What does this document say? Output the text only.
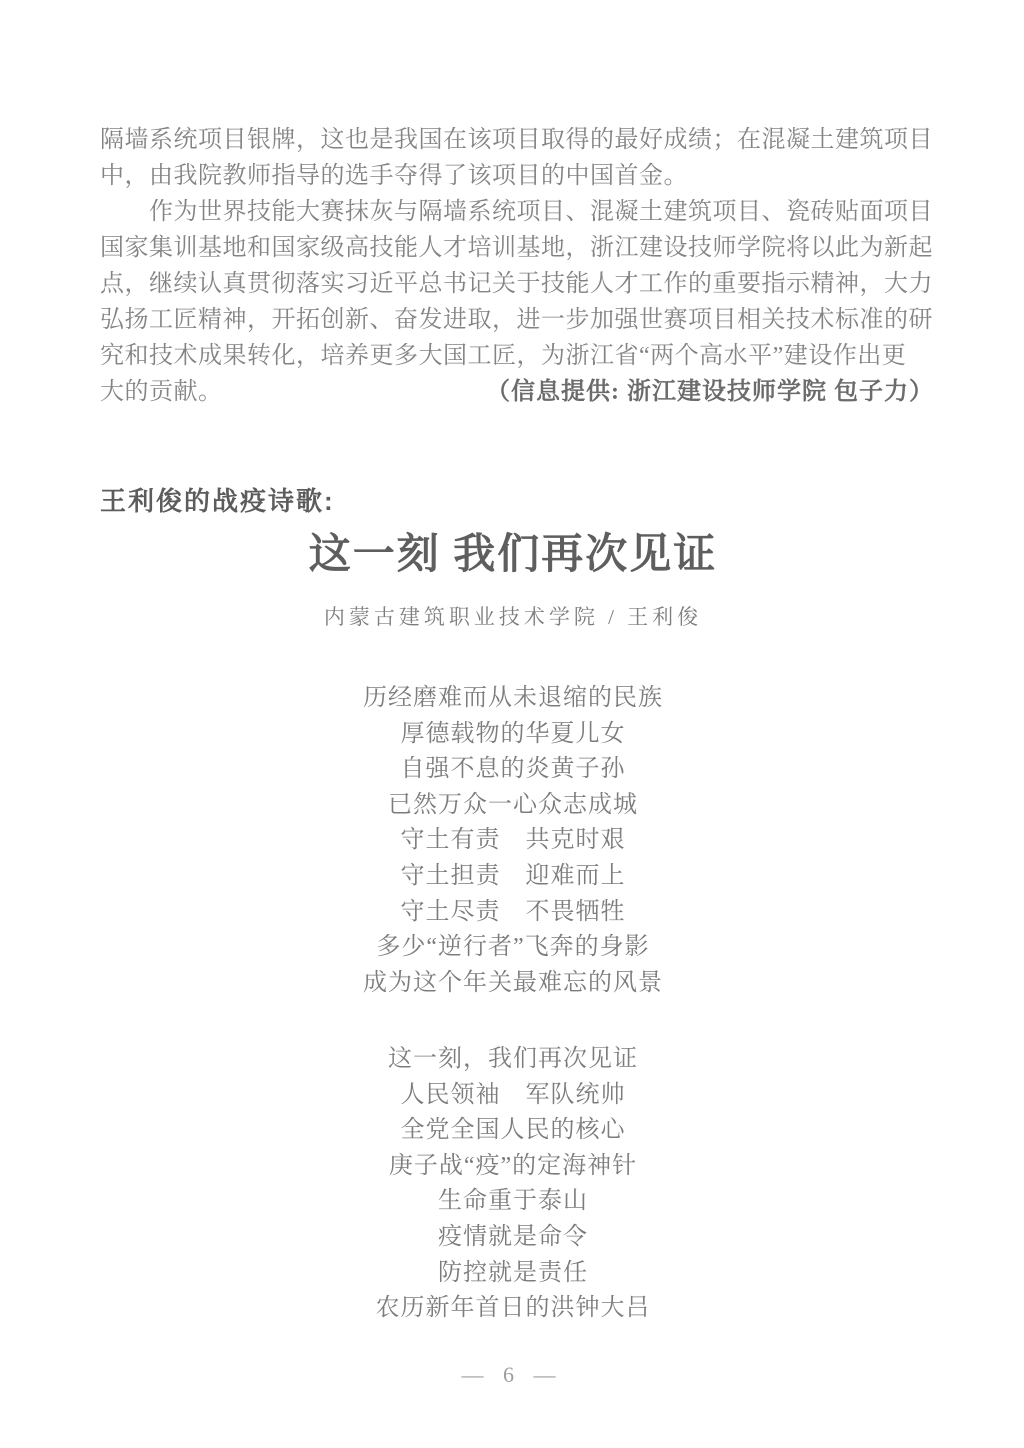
隔墙系统项目银牌，这也是我国在该项目取得的最好成绩；在混凝土建筑项目
中，由我院教师指导的选手夺得了该项目的中国首金。
　　作为世界技能大赛抹灰与隔墙系统项目、混凝土建筑项目、瓷砖贴面项目
国家集训基地和国家级高技能人才培训基地，浙江建设技师学院将以此为新起
点，继续认真贯彻落实习近平总书记关于技能人才工作的重要指示精神，大力
弘扬工匠精神，开拓创新、奋发进取，进一步加强世赛项目相关技术标准的研
究和技术成果转化，培养更多大国工匠，为浙江省“两个高水平”建设作出更
大的贡献。	（信息提供: 浙江建设技师学院 包子力）
王利俊的战疫诗歌:
这一刻 我们再次见证
内蒙古建筑职业技术学院 / 王利俊
历经磨难而从未退缩的民族
厚德载物的华夏儿女
自强不息的炎黄子孙
已然万众一心众志成城
守土有责　共克时艰
守土担责　迎难而上
守土尽责　不畏牺牲
多少“逆行者”飞奔的身影
成为这个年关最难忘的风景
这一刻，我们再次见证
人民领袖　军队统帅
全党全国人民的核心
庚子战“疫”的定海神针
生命重于泰山
疫情就是命令
防控就是责任
农历新年首日的洪钟大吕
— 6 —
